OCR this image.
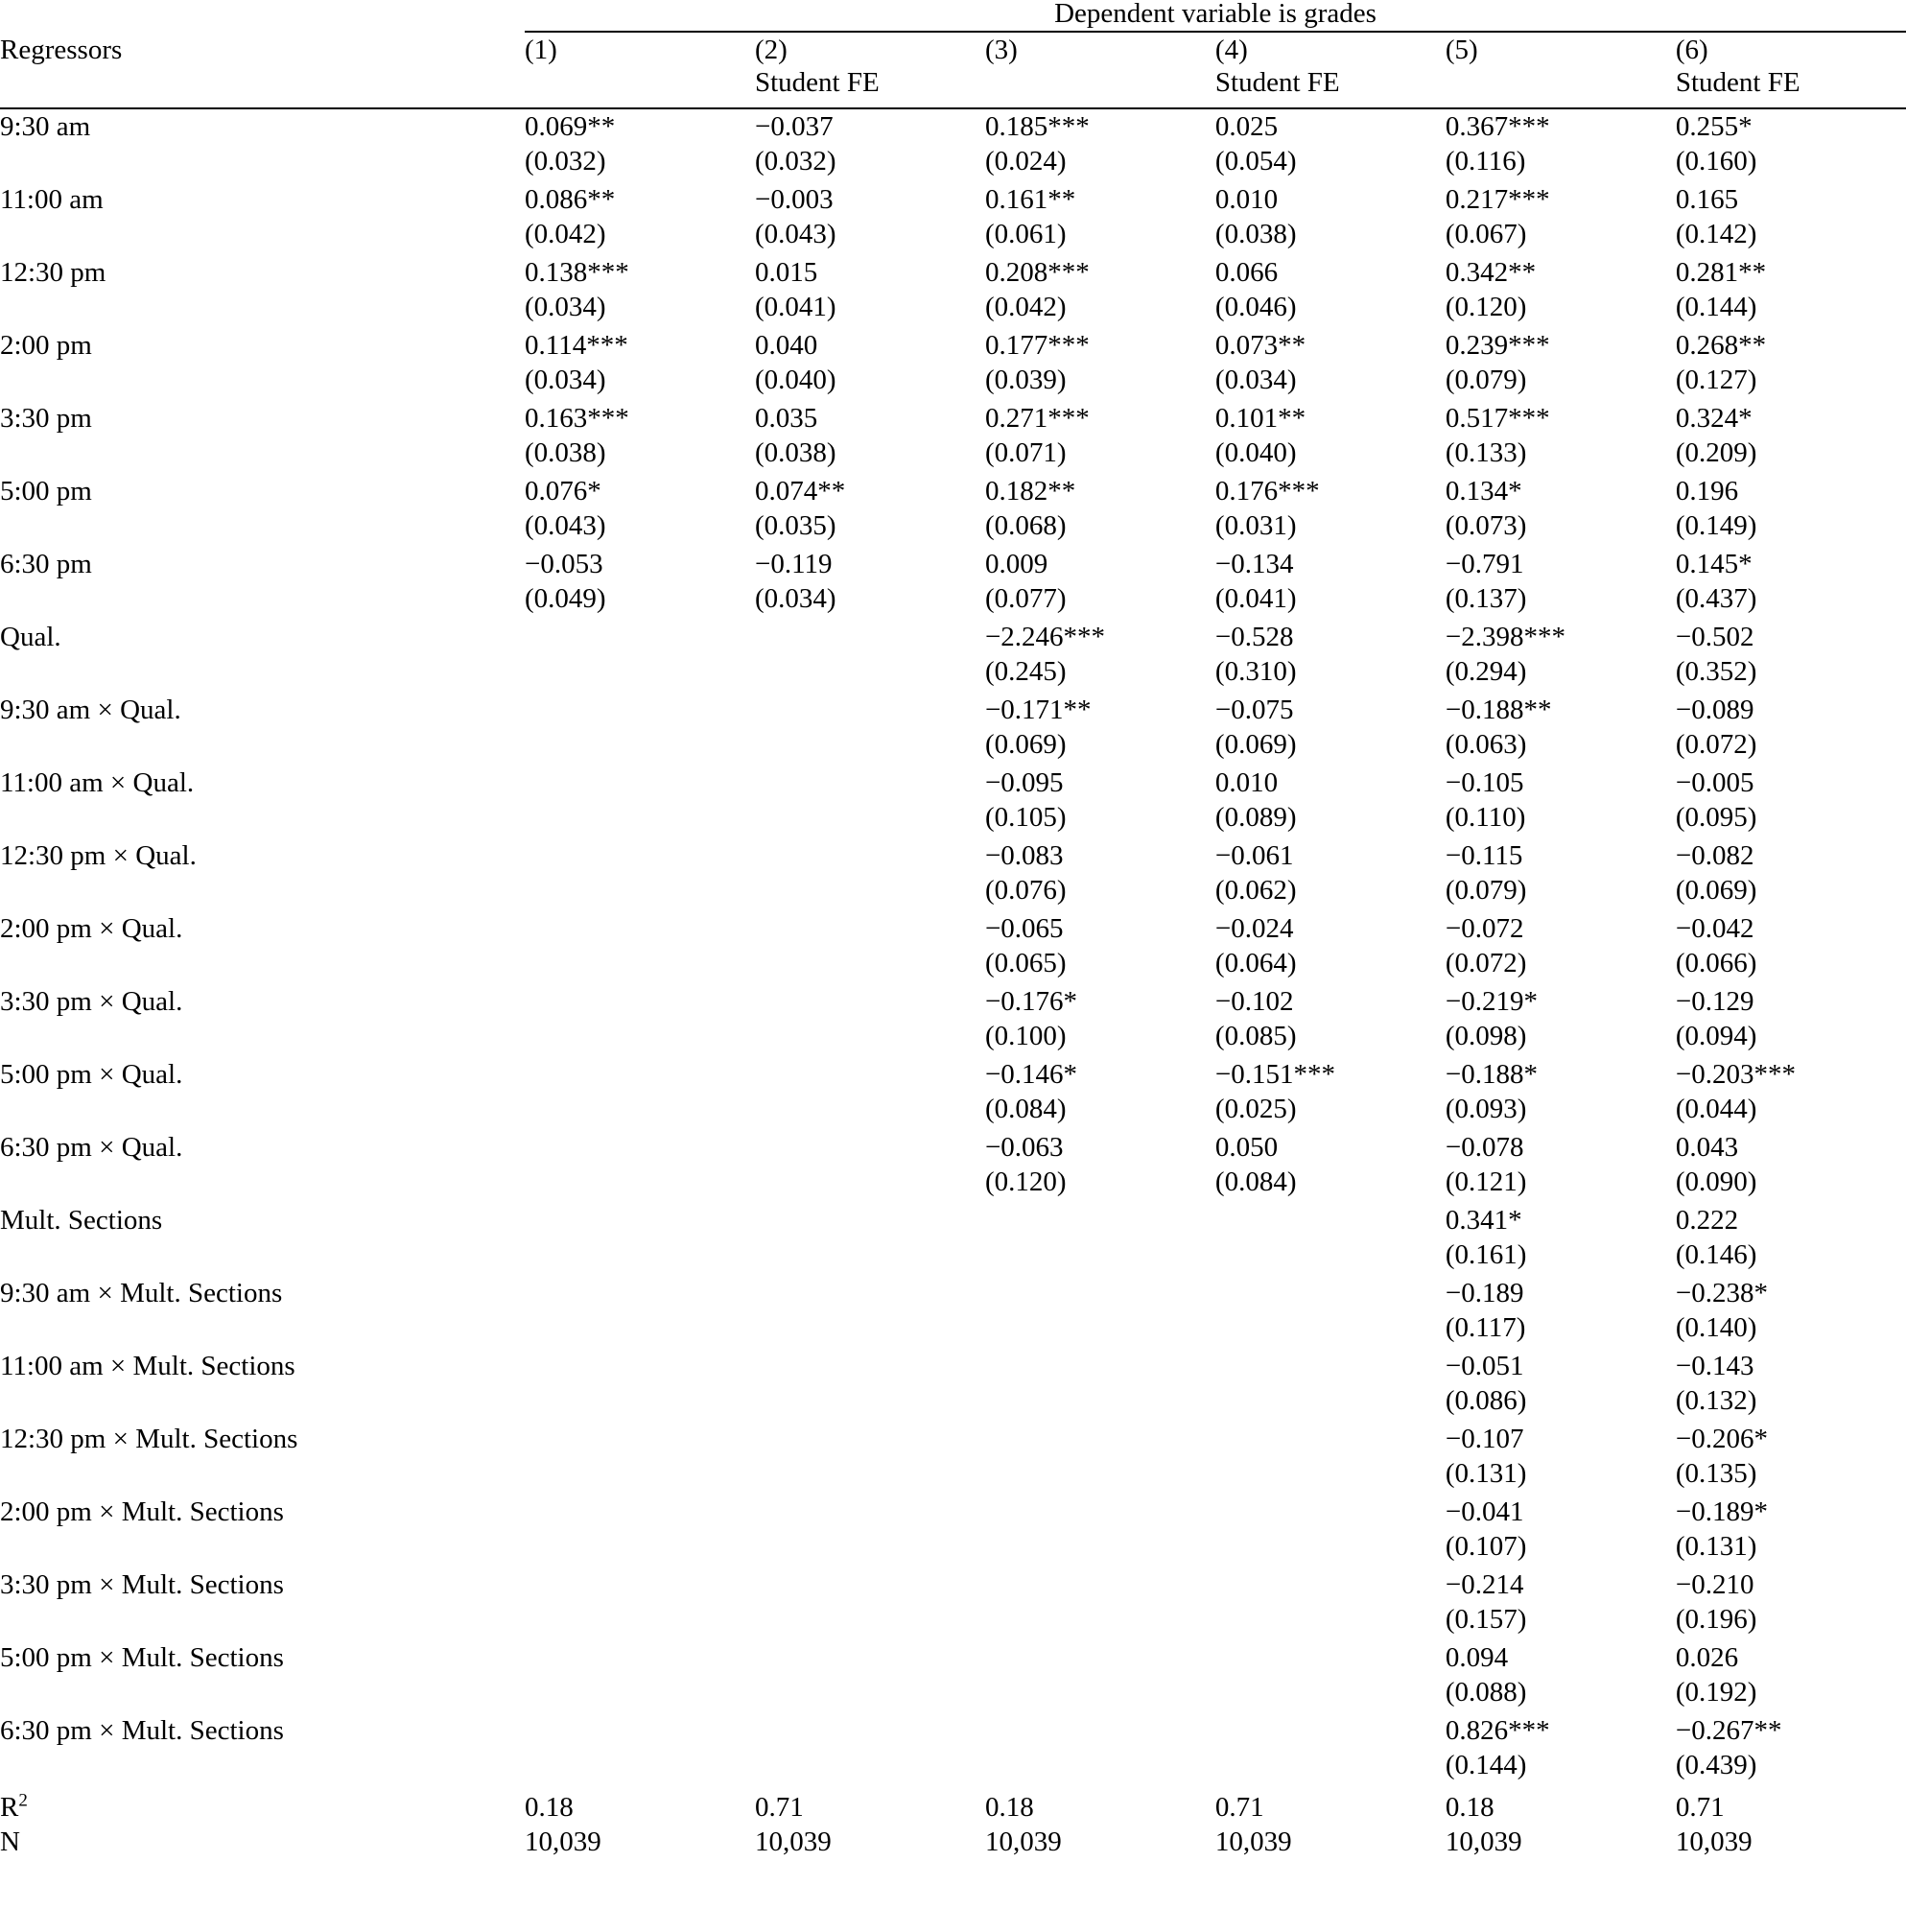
	Dependent variable is grades					
Regressors	(1)	(2)	(3)	(4)	(5)	(6)
		Student FE		Student FE		Student FE
9:30 am	0.069**	−0.037	0.185***	0.025	0.367***	0.255*
	(0.032)	(0.032)	(0.024)	(0.054)	(0.116)	(0.160)
11:00 am	0.086**	−0.003	0.161**	0.010	0.217***	0.165
	(0.042)	(0.043)	(0.061)	(0.038)	(0.067)	(0.142)
12:30 pm	0.138***	0.015	0.208***	0.066	0.342**	0.281**
	(0.034)	(0.041)	(0.042)	(0.046)	(0.120)	(0.144)
2:00 pm	0.114***	0.040	0.177***	0.073**	0.239***	0.268**
	(0.034)	(0.040)	(0.039)	(0.034)	(0.079)	(0.127)
3:30 pm	0.163***	0.035	0.271***	0.101**	0.517***	0.324*
	(0.038)	(0.038)	(0.071)	(0.040)	(0.133)	(0.209)
5:00 pm	0.076*	0.074**	0.182**	0.176***	0.134*	0.196
	(0.043)	(0.035)	(0.068)	(0.031)	(0.073)	(0.149)
6:30 pm	−0.053	−0.119	0.009	−0.134	−0.791	0.145*
	(0.049)	(0.034)	(0.077)	(0.041)	(0.137)	(0.437)
Qual.			−2.246***	−0.528	−2.398***	−0.502
			(0.245)	(0.310)	(0.294)	(0.352)
9:30 am × Qual.			−0.171**	−0.075	−0.188**	−0.089
			(0.069)	(0.069)	(0.063)	(0.072)
11:00 am × Qual.			−0.095	0.010	−0.105	−0.005
			(0.105)	(0.089)	(0.110)	(0.095)
12:30 pm × Qual.			−0.083	−0.061	−0.115	−0.082
			(0.076)	(0.062)	(0.079)	(0.069)
2:00 pm × Qual.			−0.065	−0.024	−0.072	−0.042
			(0.065)	(0.064)	(0.072)	(0.066)
3:30 pm × Qual.			−0.176*	−0.102	−0.219*	−0.129
			(0.100)	(0.085)	(0.098)	(0.094)
5:00 pm × Qual.			−0.146*	−0.151***	−0.188*	−0.203***
			(0.084)	(0.025)	(0.093)	(0.044)
6:30 pm × Qual.			−0.063	0.050	−0.078	0.043
			(0.120)	(0.084)	(0.121)	(0.090)
Mult. Sections					0.341*	0.222
					(0.161)	(0.146)
9:30 am × Mult. Sections					−0.189	−0.238*
					(0.117)	(0.140)
11:00 am × Mult. Sections					−0.051	−0.143
					(0.086)	(0.132)
12:30 pm × Mult. Sections					−0.107	−0.206*
					(0.131)	(0.135)
2:00 pm × Mult. Sections					−0.041	−0.189*
					(0.107)	(0.131)
3:30 pm × Mult. Sections					−0.214	−0.210
					(0.157)	(0.196)
5:00 pm × Mult. Sections					0.094	0.026
					(0.088)	(0.192)
6:30 pm × Mult. Sections					0.826***	−0.267**
					(0.144)	(0.439)
$R^2$	0.18	0.71	0.18	0.71	0.18	0.71
N	10,039	10,039	10,039	10,039	10,039	10,039
